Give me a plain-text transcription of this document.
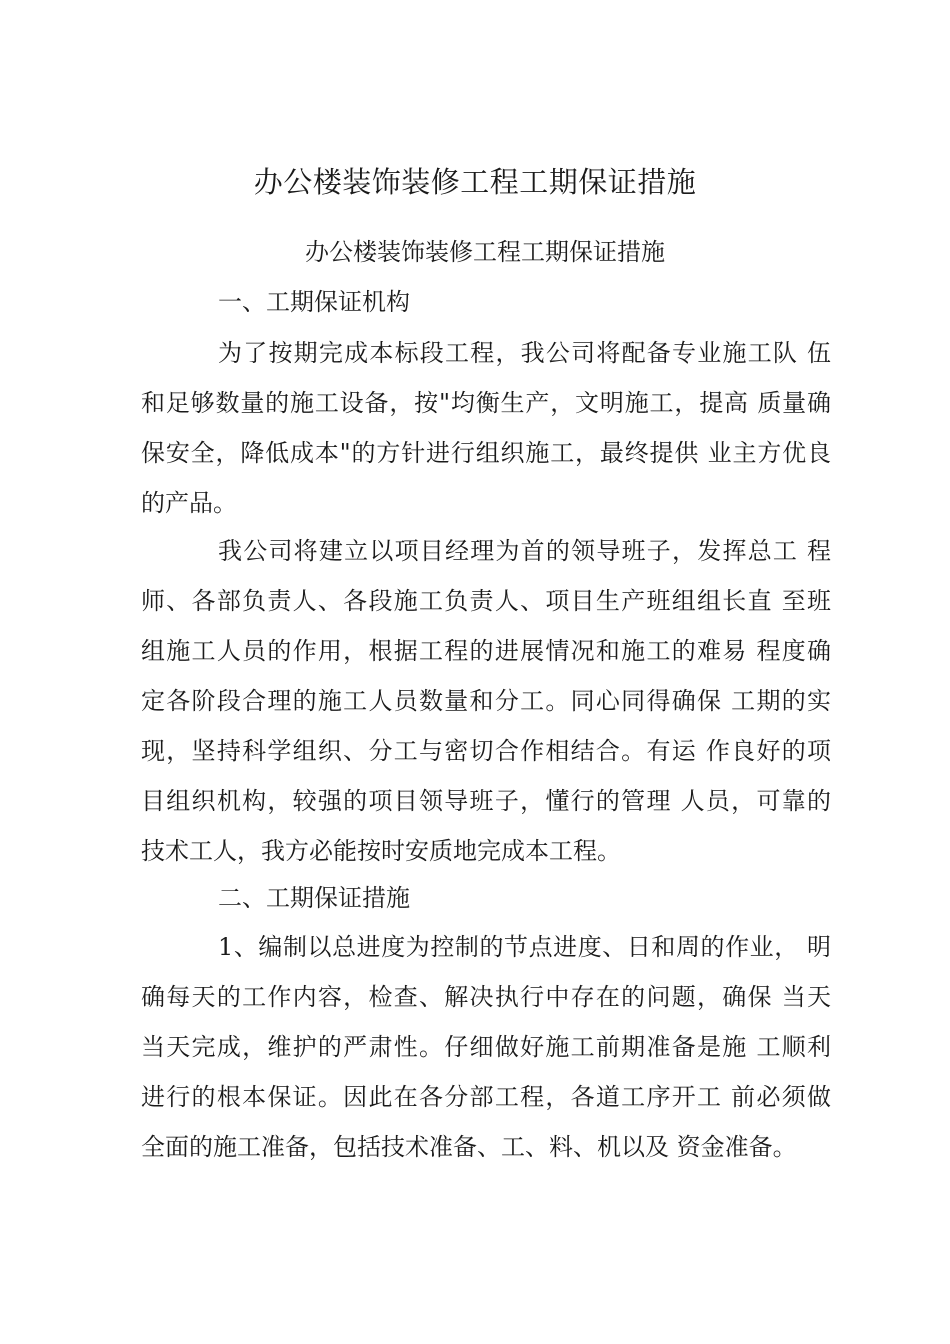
办公楼装饰装修工程工期保证措施

办公楼装饰装修工程工期保证措施

一、工期保证机构

为了按期完成本标段工程，我公司将配备专业施工队 伍
和足够数量的施工设备，按"均衡生产，文明施工，提高 质量确
保安全，降低成本"的方针进行组织施工，最终提供 业主方优良
的产品。
我公司将建立以项目经理为首的领导班子，发挥总工 程
师、各部负责人、各段施工负责人、项目生产班组组长直 至班
组施工人员的作用，根据工程的进展情况和施工的难易 程度确
定各阶段合理的施工人员数量和分工。同心同得确保 工期的实
现，坚持科学组织、分工与密切合作相结合。有运 作良好的项
目组织机构，较强的项目领导班子，懂行的管理 人员，可靠的
技术工人，我方必能按时安质地完成本工程。

二、工期保证措施

1、编制以总进度为控制的节点进度、日和周的作业， 明
确每天的工作内容，检查、解决执行中存在的问题，确保 当天
当天完成，维护的严肃性。仔细做好施工前期准备是施 工顺利
进行的根本保证。因此在各分部工程，各道工序开工 前必须做
全面的施工准备，包括技术准备、工、料、机以及 资金准备。
